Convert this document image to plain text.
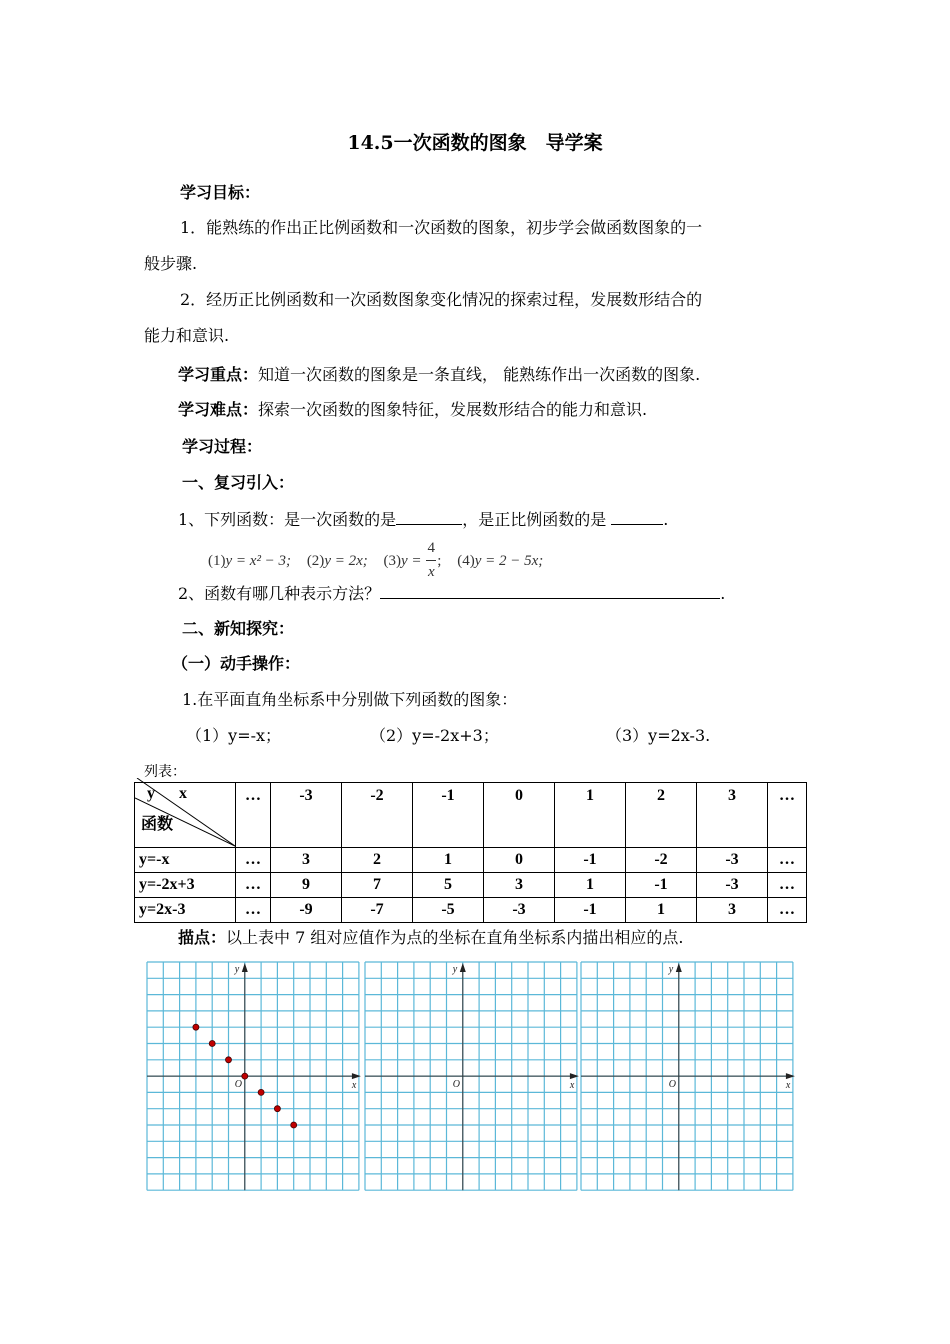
14.5一次函数的图象　导学案
学习目标：
1．能熟练的作出正比例函数和一次函数的图象，初步学会做函数图象的一
般步骤.
2．经历正比例函数和一次函数图象变化情况的探索过程，发展数形结合的
能力和意识.
学习重点：知道一次函数的图象是一条直线， 能熟练作出一次函数的图象.
学习难点：探索一次函数的图象特征，发展数形结合的能力和意识.
学习过程：
一、复习引入：
1、下列函数：是一次函数的是	，是正比例函数的是	.
(1)y = x² − 3; (2)y = 2x; (3)y =
$\frac{4}{x}$
; (4)y = 2 − 5x;
2、函数有哪几种表示方法？	.
二、新知探究：
（一）动手操作：
1.在平面直角坐标系中分别做下列函数的图象：
（1）y=-x；	（2）y=-2x+3；	（3）y=2x-3.
列表：
y x
函数	…	-3	-2	-1	0	1	2	3	…
y=-x	…	3	2	1	0	-1	-2	-3	…
y=-2x+3	…	9	7	5	3	1	-1	-3	…
y=2x-3	…	-9	-7	-5	-3	-1	1	3	…
描点：以上表中 7 组对应值作为点的坐标在直角坐标系内描出相应的点.
y
x
O
y
x
O
y
x
O
